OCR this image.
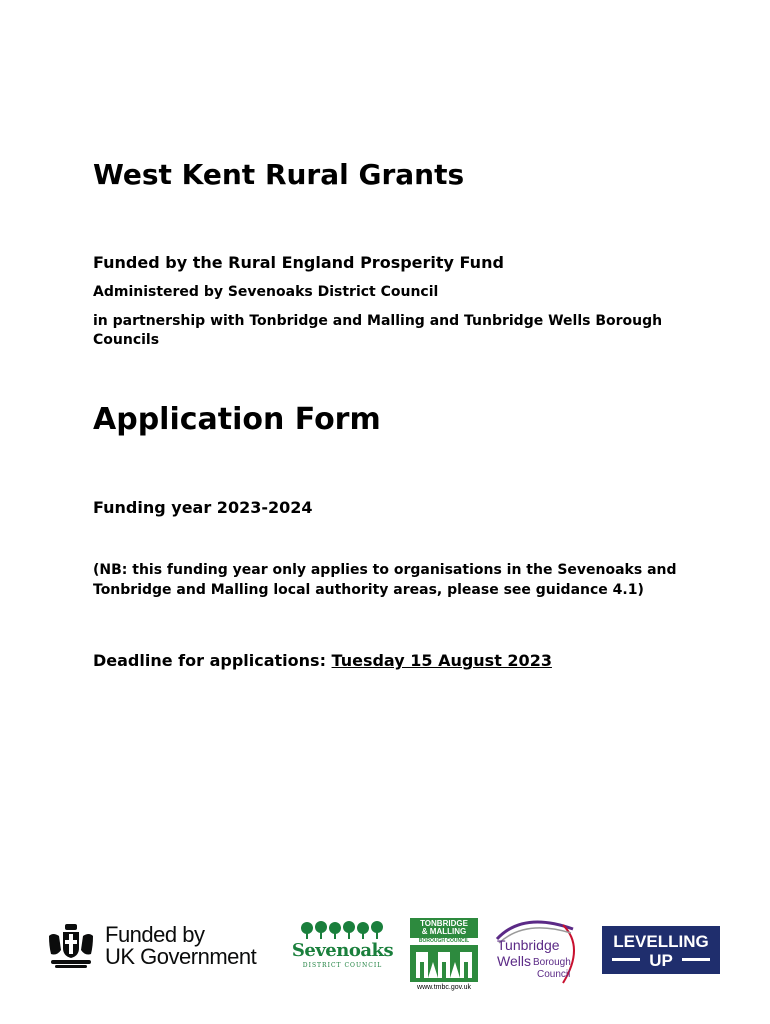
West Kent Rural Grants

Funded by the Rural England Prosperity Fund

Administered by Sevenoaks District Council

in partnership with Tonbridge and Malling and Tunbridge Wells Borough Councils

Application Form

Funding year 2023-2024

(NB: this funding year only applies to organisations in the Sevenoaks and Tonbridge and Malling local authority areas, please see guidance 4.1)

Deadline for applications: Tuesday 15 August 2023

Funded by
UK Government	Sevenoaks
DISTRICT COUNCIL
TONBRIDGE
& MALLING
BOROUGH COUNCIL
www.tmbc.gov.uk
Tunbridge
Wells Borough
Council
LEVELLING
UP
